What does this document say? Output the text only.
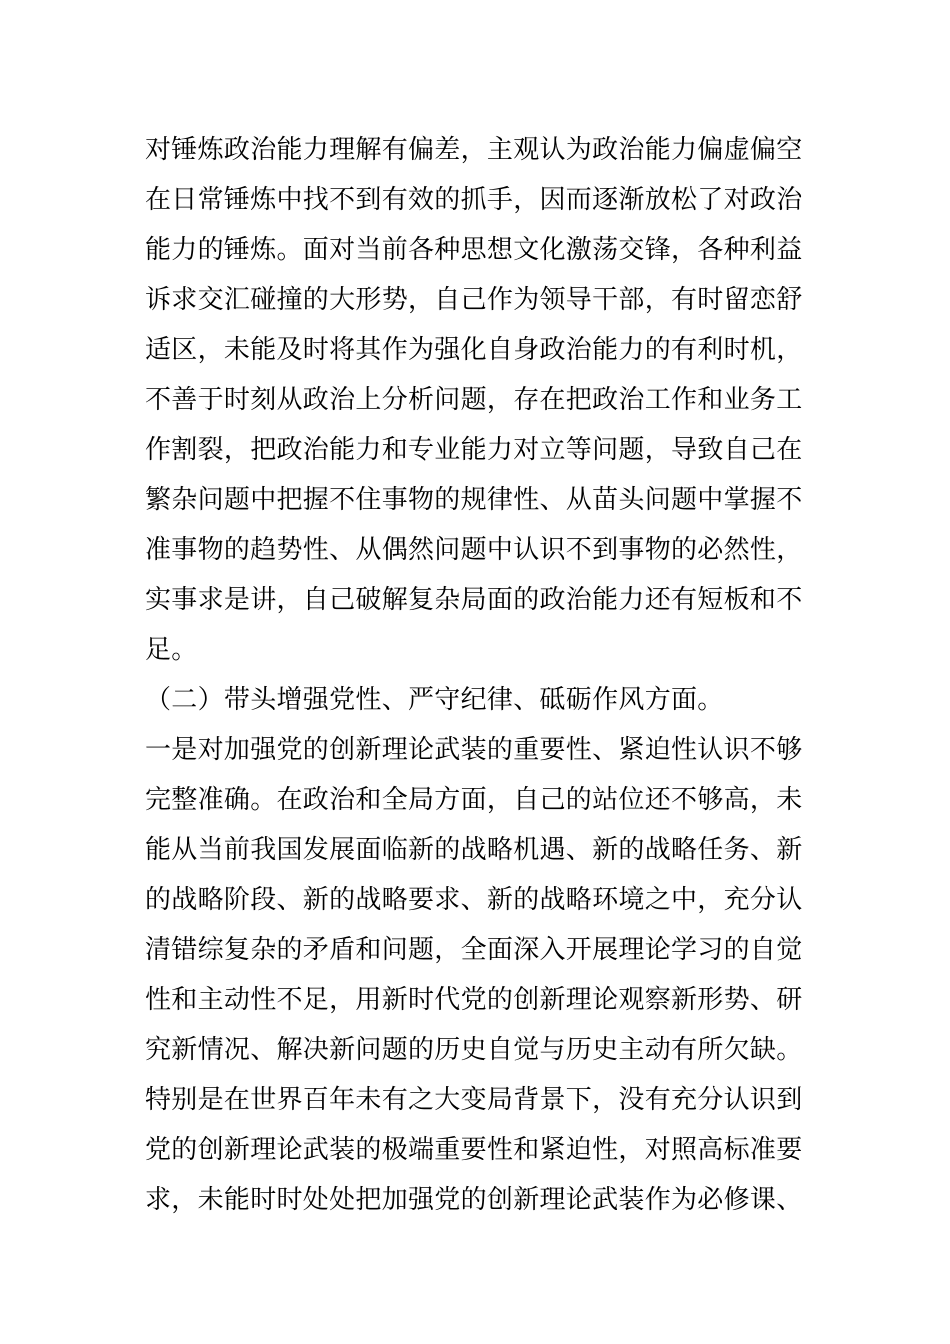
对锤炼政治能力理解有偏差，主观认为政治能力偏虚偏空
在日常锤炼中找不到有效的抓手，因而逐渐放松了对政治
能力的锤炼。面对当前各种思想文化激荡交锋，各种利益
诉求交汇碰撞的大形势，自己作为领导干部，有时留恋舒
适区，未能及时将其作为强化自身政治能力的有利时机，
不善于时刻从政治上分析问题，存在把政治工作和业务工
作割裂，把政治能力和专业能力对立等问题，导致自己在
繁杂问题中把握不住事物的规律性、从苗头问题中掌握不
准事物的趋势性、从偶然问题中认识不到事物的必然性，
实事求是讲，自己破解复杂局面的政治能力还有短板和不
足。
（二）带头增强党性、严守纪律、砥砺作风方面。
一是对加强党的创新理论武装的重要性、紧迫性认识不够
完整准确。在政治和全局方面，自己的站位还不够高，未
能从当前我国发展面临新的战略机遇、新的战略任务、新
的战略阶段、新的战略要求、新的战略环境之中，充分认
清错综复杂的矛盾和问题，全面深入开展理论学习的自觉
性和主动性不足，用新时代党的创新理论观察新形势、研
究新情况、解决新问题的历史自觉与历史主动有所欠缺。
特别是在世界百年未有之大变局背景下，没有充分认识到
党的创新理论武装的极端重要性和紧迫性，对照高标准要
求，未能时时处处把加强党的创新理论武装作为必修课、
